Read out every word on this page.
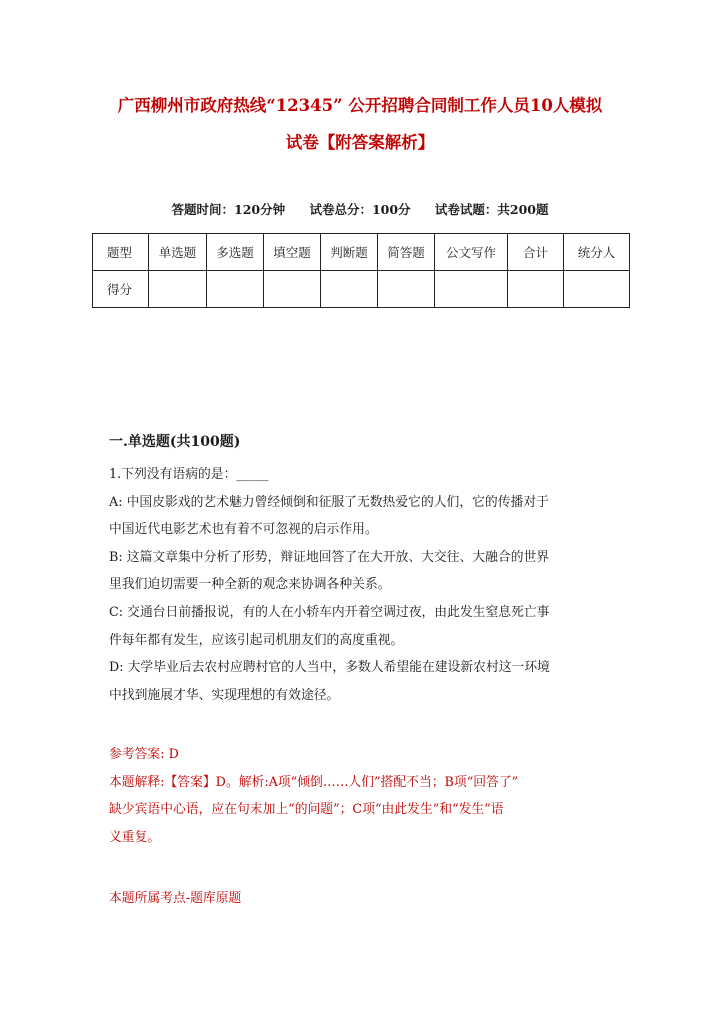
广西柳州市政府热线“12345” 公开招聘合同制工作人员10人模拟
试卷【附答案解析】
答题时间：120分钟 试卷总分：100分 试卷试题：共200题
题型	单选题	多选题	填空题	判断题	简答题	公文写作	合计	统分人
得分								
一.单选题(共100题)
1.下列没有语病的是：_____
A: 中国皮影戏的艺术魅力曾经倾倒和征服了无数热爱它的人们，它的传播对于
中国近代电影艺术也有着不可忽视的启示作用。
B: 这篇文章集中分析了形势，辩证地回答了在大开放、大交往、大融合的世界
里我们迫切需要一种全新的观念来协调各种关系。
C: 交通台日前播报说，有的人在小轿车内开着空调过夜，由此发生窒息死亡事
件每年都有发生，应该引起司机朋友们的高度重视。
D: 大学毕业后去农村应聘村官的人当中，多数人希望能在建设新农村这一环境
中找到施展才华、实现理想的有效途径。
参考答案: D
本题解释:【答案】D。解析:A项“倾倒……人们”搭配不当；B项“回答了”
缺少宾语中心语，应在句末加上“的问题”；C项“由此发生”和“发生”语
义重复。
本题所属考点-题库原题
